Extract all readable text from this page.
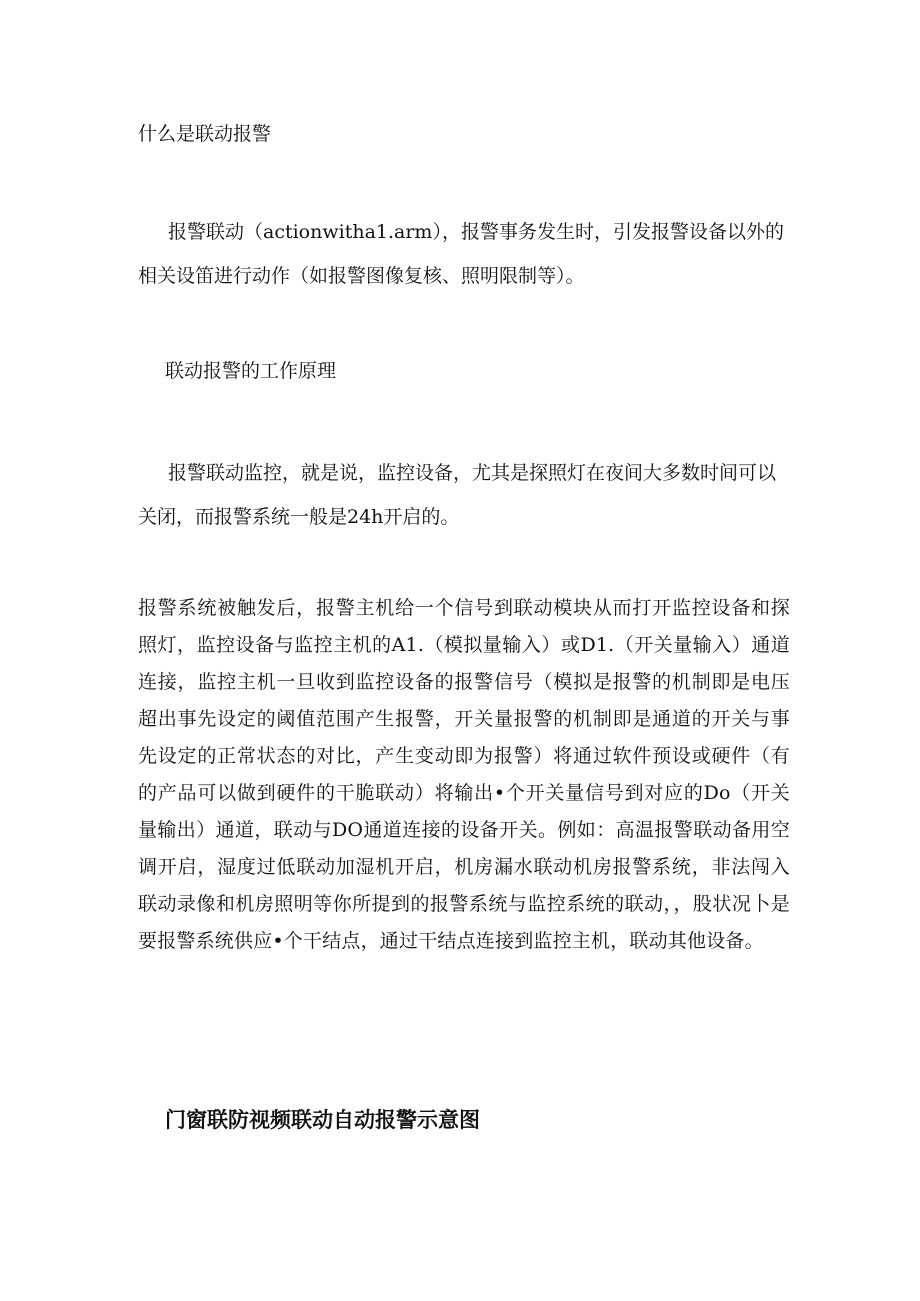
什么是联动报警

报警联动（actionwitha1.arm），报警事务发生时，引发报警设备以外的相关设笛进行动作（如报警图像复核、照明限制等）。

联动报警的工作原理

报警联动监控，就是说，监控设备，尤其是探照灯在夜间大多数时间可以关闭，而报警系统一般是24h开启的。

报警系统被触发后，报警主机给一个信号到联动模块从而打开监控设备和探照灯，监控设备与监控主机的A1.（模拟量输入）或D1.（开关量输入）通道连接，监控主机一旦收到监控设备的报警信号（模拟是报警的机制即是电压超出事先设定的阈值范围产生报警，开关量报警的机制即是通道的开关与事先设定的正常状态的对比，产生变动即为报警）将通过软件预设或硬件（有的产品可以做到硬件的干脆联动）将输出•个开关量信号到对应的Do（开关量输出）通道，联动与DO通道连接的设备开关。例如：高温报警联动备用空调开启，湿度过低联动加湿机开启，机房漏水联动机房报警系统，非法闯入联动录像和机房照明等你所提到的报警系统与监控系统的联动，，股状况卜是要报警系统供应•个干结点，通过干结点连接到监控主机，联动其他设备。

门窗联防视频联动自动报警示意图
